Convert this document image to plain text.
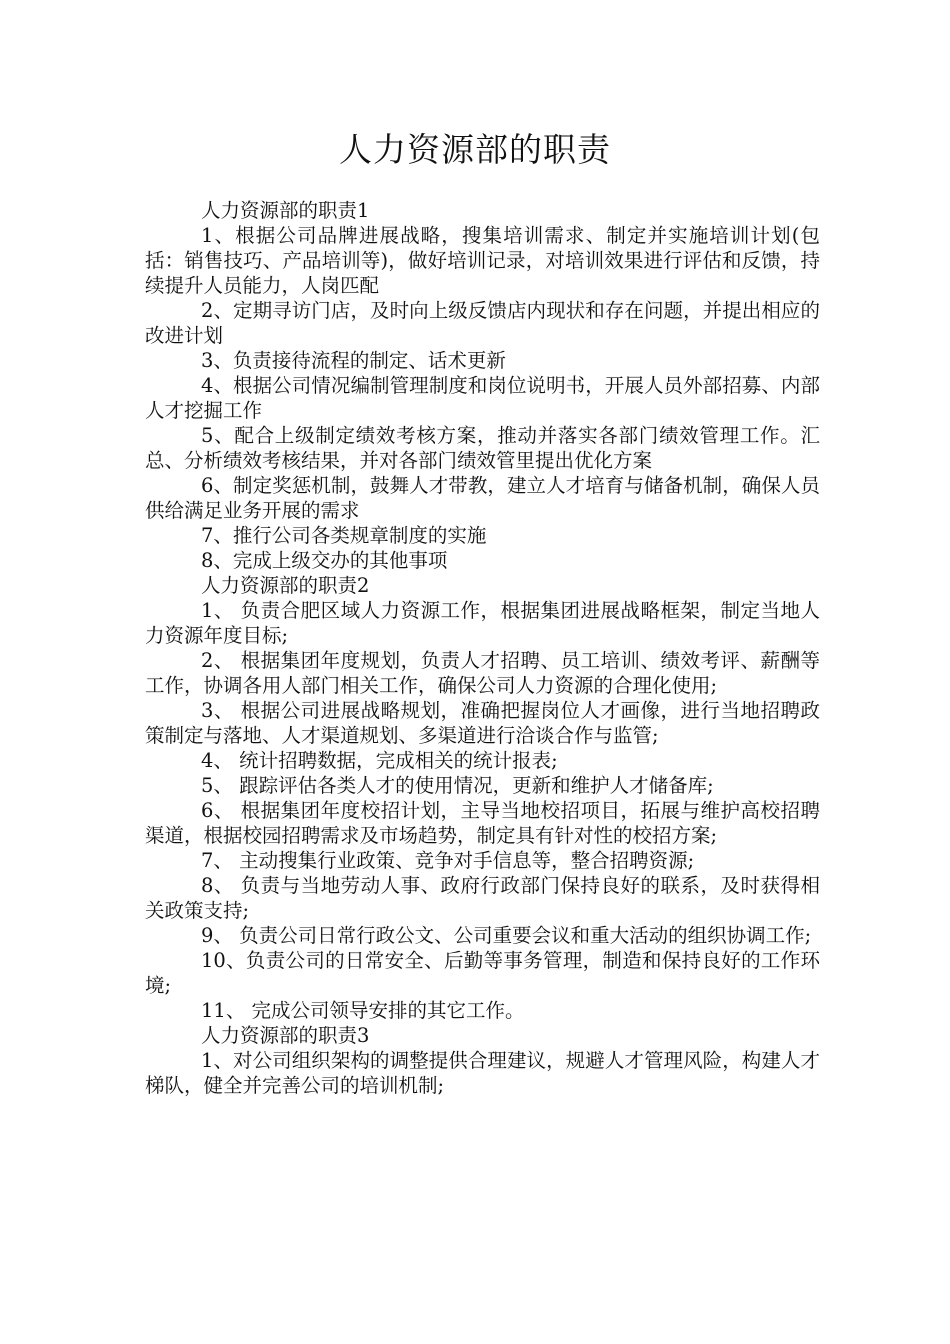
人力资源部的职责

人力资源部的职责1

1、根据公司品牌进展战略，搜集培训需求、制定并实施培训计划(包括：销售技巧、产品培训等)，做好培训记录，对培训效果进行评估和反馈，持续提升人员能力，人岗匹配

2、定期寻访门店，及时向上级反馈店内现状和存在问题，并提出相应的改进计划

3、负责接待流程的制定、话术更新

4、根据公司情况编制管理制度和岗位说明书，开展人员外部招募、内部人才挖掘工作

5、配合上级制定绩效考核方案，推动并落实各部门绩效管理工作。汇总、分析绩效考核结果，并对各部门绩效管里提出优化方案

6、制定奖惩机制，鼓舞人才带教，建立人才培育与储备机制，确保人员供给满足业务开展的需求

7、推行公司各类规章制度的实施

8、完成上级交办的其他事项

人力资源部的职责2

1、 负责合肥区域人力资源工作，根据集团进展战略框架，制定当地人力资源年度目标;

2、 根据集团年度规划，负责人才招聘、员工培训、绩效考评、薪酬等工作，协调各用人部门相关工作，确保公司人力资源的合理化使用;

3、 根据公司进展战略规划，准确把握岗位人才画像，进行当地招聘政策制定与落地、人才渠道规划、多渠道进行洽谈合作与监管;

4、 统计招聘数据，完成相关的统计报表;

5、 跟踪评估各类人才的使用情况，更新和维护人才储备库;

6、 根据集团年度校招计划，主导当地校招项目，拓展与维护高校招聘渠道，根据校园招聘需求及市场趋势，制定具有针对性的校招方案;

7、 主动搜集行业政策、竞争对手信息等，整合招聘资源;

8、 负责与当地劳动人事、政府行政部门保持良好的联系，及时获得相关政策支持;

9、 负责公司日常行政公文、公司重要会议和重大活动的组织协调工作;

10、负责公司的日常安全、后勤等事务管理，制造和保持良好的工作环境;

11、 完成公司领导安排的其它工作。

人力资源部的职责3

1、对公司组织架构的调整提供合理建议，规避人才管理风险，构建人才梯队，健全并完善公司的培训机制;
